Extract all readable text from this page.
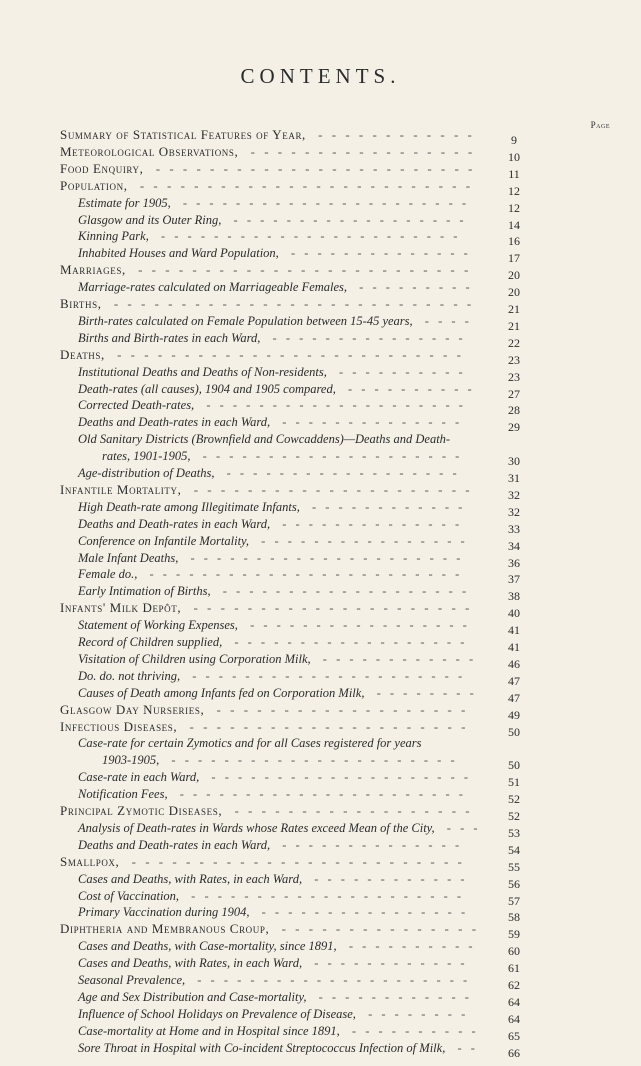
CONTENTS.
Page
Summary of Statistical Features of Year, - - - - - - - - - - - -	9
Meteorological Observations, - - - - - - - - - - - - - - - - -	10
Food Enquiry, - - - - - - - - - - - - - - - - - - - - - - - -	11
Population, - - - - - - - - - - - - - - - - - - - - - - - - -	12
Estimate for 1905, - - - - - - - - - - - - - - - - - - - - - -	12
Glasgow and its Outer Ring, - - - - - - - - - - - - - - - - - -	14
Kinning Park, - - - - - - - - - - - - - - - - - - - - - - -	16
Inhabited Houses and Ward Population, - - - - - - - - - - - - - -	17
Marriages, - - - - - - - - - - - - - - - - - - - - - - - - -	20
Marriage-rates calculated on Marriageable Females, - - - - - - - - -	20
Births, - - - - - - - - - - - - - - - - - - - - - - - - - - -	21
Birth-rates calculated on Female Population between 15-45 years, - - - -	21
Births and Birth-rates in each Ward, - - - - - - - - - - - - - - -	22
Deaths, - - - - - - - - - - - - - - - - - - - - - - - - - -	23
Institutional Deaths and Deaths of Non-residents, - - - - - - - - - -	23
Death-rates (all causes), 1904 and 1905 compared, - - - - - - - - - -	27
Corrected Death-rates, - - - - - - - - - - - - - - - - - - - -	28
Deaths and Death-rates in each Ward, - - - - - - - - - - - - - -	29
Old Sanitary Districts (Brownfield and Cowcaddens)—Deaths and Death-
rates, 1901-1905, - - - - - - - - - - - - - - - - - - - -	30
Age-distribution of Deaths, - - - - - - - - - - - - - - - - - -	31
Infantile Mortality, - - - - - - - - - - - - - - - - - - - - -	32
High Death-rate among Illegitimate Infants, - - - - - - - - - - - -	32
Deaths and Death-rates in each Ward, - - - - - - - - - - - - - -	33
Conference on Infantile Mortality, - - - - - - - - - - - - - - - -	34
Male Infant Deaths, - - - - - - - - - - - - - - - - - - - - -	36
Female do., - - - - - - - - - - - - - - - - - - - - - - - -	37
Early Intimation of Births, - - - - - - - - - - - - - - - - - - -	38
Infants' Milk Depôt, - - - - - - - - - - - - - - - - - - - - -	40
Statement of Working Expenses, - - - - - - - - - - - - - - - - -	41
Record of Children supplied, - - - - - - - - - - - - - - - - - -	41
Visitation of Children using Corporation Milk, - - - - - - - - - - - -	46
Do. do. not thriving, - - - - - - - - - - - - - - - - - - - - -	47
Causes of Death among Infants fed on Corporation Milk, - - - - - - - -	47
Glasgow Day Nurseries, - - - - - - - - - - - - - - - - - - -	49
Infectious Diseases, - - - - - - - - - - - - - - - - - - - - -	50
Case-rate for certain Zymotics and for all Cases registered for years
1903-1905, - - - - - - - - - - - - - - - - - - - - - -	50
Case-rate in each Ward, - - - - - - - - - - - - - - - - - - - -	51
Notification Fees, - - - - - - - - - - - - - - - - - - - - - -	52
Principal Zymotic Diseases, - - - - - - - - - - - - - - - - - -	52
Analysis of Death-rates in Wards whose Rates exceed Mean of the City, - - -	53
Deaths and Death-rates in each Ward, - - - - - - - - - - - - - -	54
Smallpox, - - - - - - - - - - - - - - - - - - - - - - - - -	55
Cases and Deaths, with Rates, in each Ward, - - - - - - - - - - - -	56
Cost of Vaccination, - - - - - - - - - - - - - - - - - - - - -	57
Primary Vaccination during 1904, - - - - - - - - - - - - - - - -	58
Diphtheria and Membranous Croup, - - - - - - - - - - - - - - -	59
Cases and Deaths, with Case-mortality, since 1891, - - - - - - - - - -	60
Cases and Deaths, with Rates, in each Ward, - - - - - - - - - - - -	61
Seasonal Prevalence, - - - - - - - - - - - - - - - - - - - - -	62
Age and Sex Distribution and Case-mortality, - - - - - - - - - - - -	64
Influence of School Holidays on Prevalence of Disease, - - - - - - - -	64
Case-mortality at Home and in Hospital since 1891, - - - - - - - - - -	65
Sore Throat in Hospital with Co-incident Streptococcus Infection of Milk, - -	66
